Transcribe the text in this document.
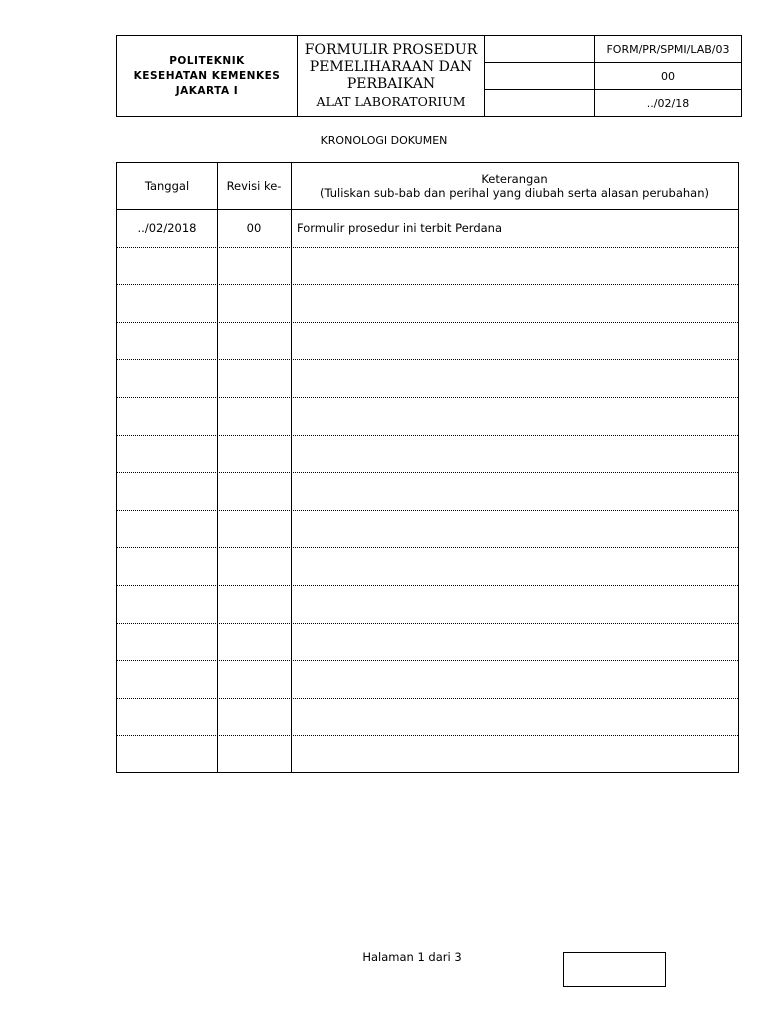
POLITEKNIK
KESEHATAN KEMENKES
JAKARTA I
FORMULIR PROSEDUR
PEMELIHARAAN DAN
PERBAIKAN
ALAT LABORATORIUM
FORM/PR/SPMI/LAB/03
00
../02/18
KRONOLOGI DOKUMEN
Tanggal	Revisi ke-	Keterangan
(Tuliskan sub-bab dan perihal yang diubah serta alasan perubahan)
../02/2018	00	Formulir prosedur ini terbit Perdana
Halaman 1 dari 3
